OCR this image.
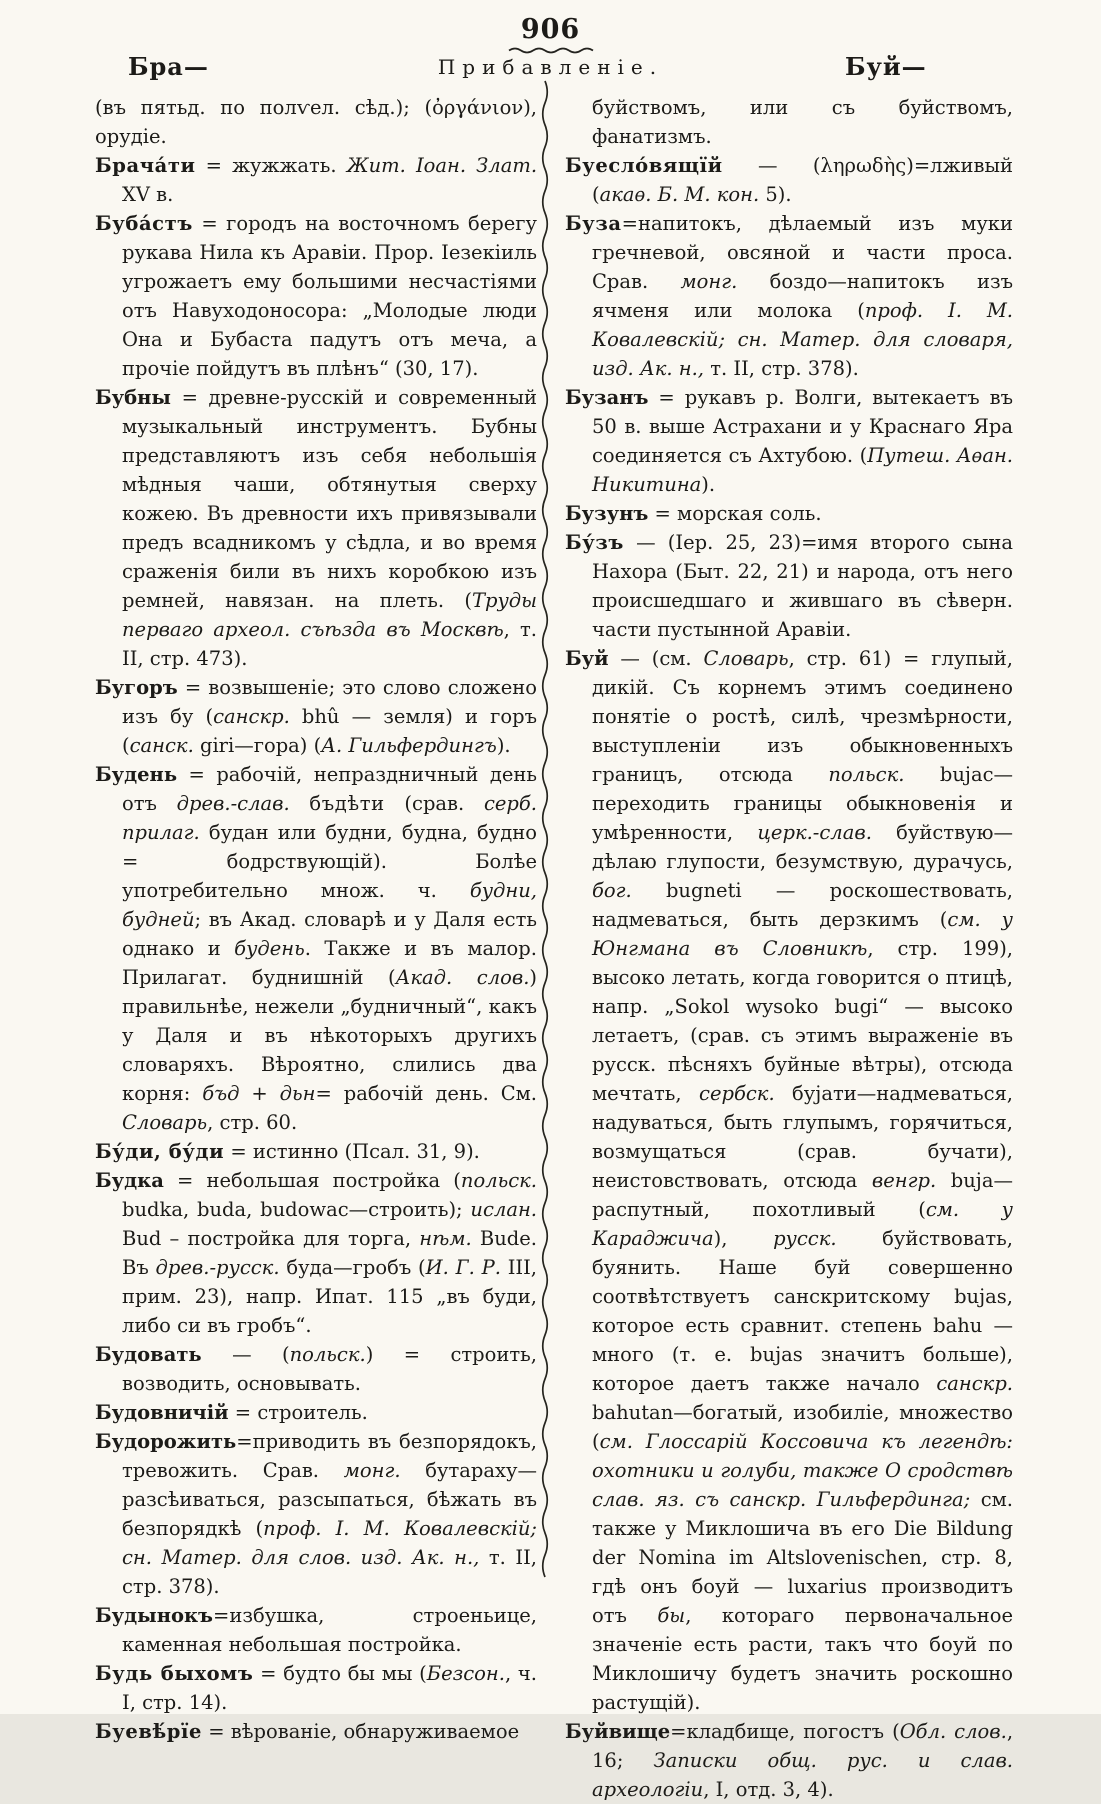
906
Бра—	Прибавленіе.	Буй—

(въ пятьд. по полѵел. сѣд.); (ὀργάνιον), орудіе.

Брача́ти = жужжать. Жит. Іоан. Злат. XV в.

Буба́стъ = городъ на восточномъ берегу рукава Нила къ Аравіи. Прор. Іезекіиль угрожаетъ ему большими несчастіями отъ Навуходоносора: „Молодые люди Она и Бубаста падутъ отъ меча, а прочіе пойдутъ въ плѣнъ“ (30, 17).

Бубны = древне-русскій и современный музыкальный инструментъ. Бубны представляютъ изъ себя небольшія мѣдныя чаши, обтянутыя сверху кожею. Въ древности ихъ привязывали предъ всадникомъ у сѣдла, и во время сраженія били въ нихъ коробкою изъ ремней, навязан. на плеть. (Труды перваго археол. съѣзда въ Москвѣ, т. II, стр. 473).

Бугоръ = возвышеніе; это слово сложено изъ бу (санскр. bhû — земля) и горъ (санск. giri—гора) (А. Гильфердингъ).

Будень = рабочій, непраздничный день отъ древ.-слав. бъдѣти (срав. серб. прилаг. будан или будни, будна, будно = бодрствующій). Болѣе употребительно множ. ч. будни, будней; въ Акад. словарѣ и у Даля есть однако и будень. Также и въ малор. Прилагат. буднишній (Акад. слов.) правильнѣе, нежели „будничный“, какъ у Даля и въ нѣкоторыхъ другихъ словаряхъ. Вѣроятно, слились два корня: бъд + дьн= рабочій день. См. Словарь, стр. 60.

Бу́ди, бу́ди = истинно (Псал. 31, 9).

Будка = небольшая постройка (польск. budka, buda, budowac—строить); ислан. Bud – постройка для торга, нѣм. Bude. Въ древ.-русск. буда—гробъ (И. Г. Р. III, прим. 23), напр. Ипат. 115 „въ буди, либо си въ гробъ“.

Будовать — (польск.) = строить, возводить, основывать.

Будовничій = строитель.

Будорожить=приводить въ безпорядокъ, тревожить. Срав. монг. бутараху—разсѣиваться, разсыпаться, бѣжать въ безпорядкѣ (проф. І. М. Ковалевскій; сн. Матер. для слов. изд. Ак. н., т. II, стр. 378).

Будынокъ=избушка, строеньице, каменная небольшая постройка.

Будь быхомъ = будто бы мы (Безсон., ч. I, стр. 14).

Буевѣ́рїе = вѣрованіе, обнаруживаемое

буйствомъ, или съ буйствомъ, фанатизмъ.

Буесло́вящїй — (ληρωδὴς)=лживый (акаѳ. Б. М. кон. 5).

Буза=напитокъ, дѣлаемый изъ муки гречневой, овсяной и части проса. Срав. монг. боздо—напитокъ изъ ячменя или молока (проф. І. М. Ковалевскій; сн. Матер. для словаря, изд. Ак. н., т. II, стр. 378).

Бузанъ = рукавъ р. Волги, вытекаетъ въ 50 в. выше Астрахани и у Краснаго Яра соединяется съ Ахтубою. (Путеш. Аѳан. Никитина).

Бузунъ = морская соль.

Бу́зъ — (Іер. 25, 23)=имя второго сына Нахора (Быт. 22, 21) и народа, отъ него происшедшаго и жившаго въ сѣверн. части пустынной Аравіи.

Буй — (см. Словарь, стр. 61) = глупый, дикій. Съ корнемъ этимъ соединено понятіе о ростѣ, силѣ, чрезмѣрности, выступленіи изъ обыкновенныхъ границъ, отсюда польск. bujac—переходить границы обыкновенія и умѣренности, церк.-слав. буйствую—дѣлаю глупости, безумствую, дурачусь, бог. bugneti — роскошествовать, надмеваться, быть дерзкимъ (см. у Юнгмана въ Словникѣ, стр. 199), высоко летать, когда говорится о птицѣ, напр. „Sokol wysoko bugi“ — высоко летаетъ, (срав. съ этимъ выраженіе въ русск. пѣсняхъ буйные вѣтры), отсюда мечтать, сербск. буjати—надмеваться, надуваться, быть глупымъ, горячиться, возмущаться (срав. бучати), неистовствовать, отсюда венгр. buja—распутный, похотливый (см. у Караджича), русск. буйствовать, буянить. Наше буй совершенно соотвѣтствуетъ санскритскому bujas, которое есть сравнит. степень bahu — много (т. е. bujas значитъ больше), которое даетъ также начало санскр. bahutan—богатый, изобиліе, множество (см. Глоссарій Коссовича къ легендѣ: охотники и голуби, также О сродствѣ слав. яз. съ санскр. Гильфердинга; см. также у Миклошича въ его Die Bildung der Nomina im Altslovenischen, стр. 8, гдѣ онъ боуй — luxarius производитъ отъ бы, котораго первоначальное значеніе есть расти, такъ что боуй по Миклошичу будетъ значить роскошно растущій).

Буйвище=кладбище, погостъ (Обл. слов., 16; Записки общ. рус. и слав. археологіи, I, отд. 3, 4).
